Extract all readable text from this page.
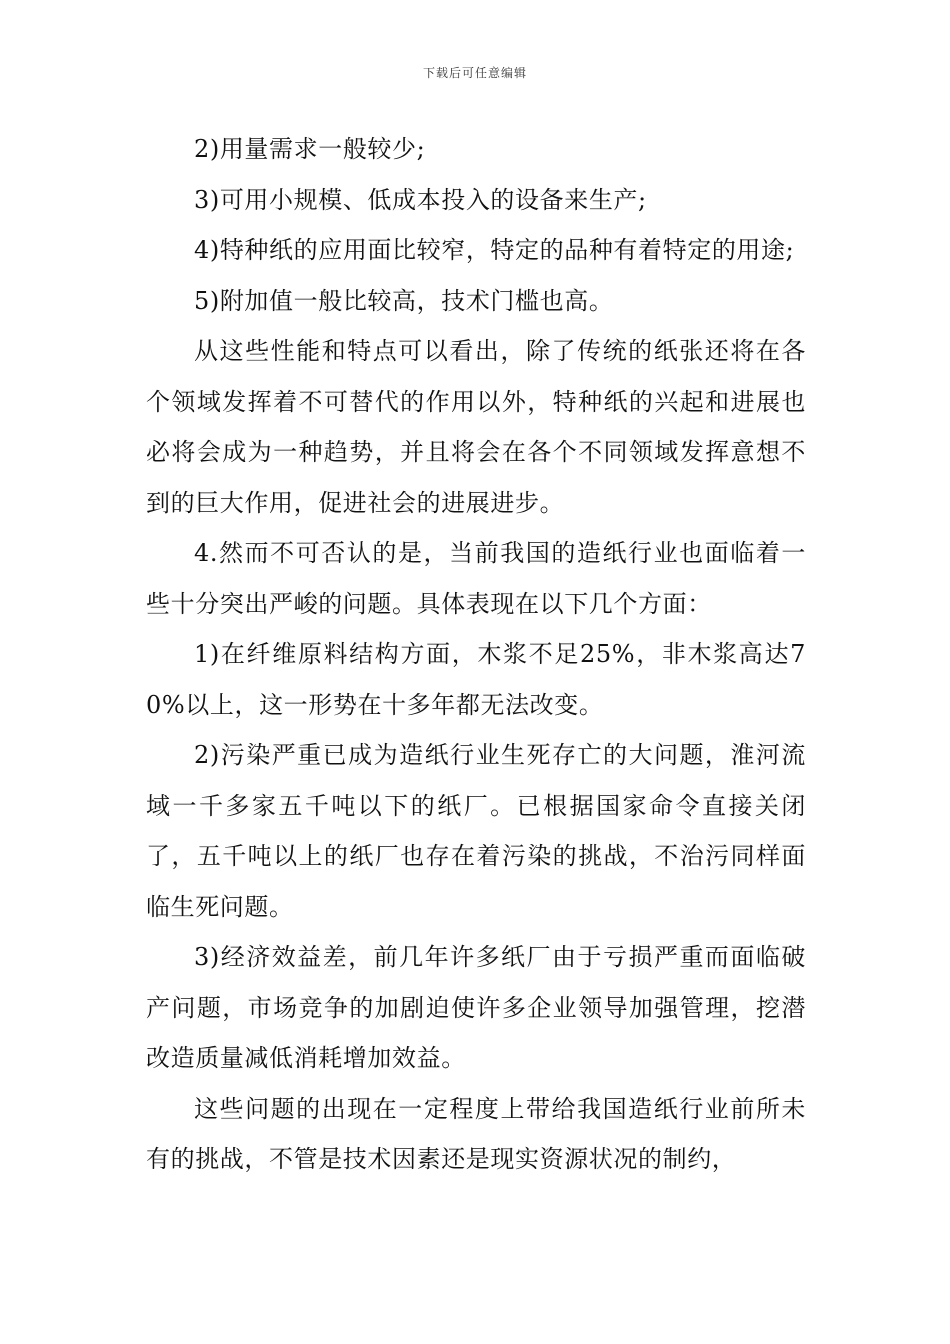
下载后可任意编辑

2)用量需求一般较少;

3)可用小规模、低成本投入的设备来生产;

4)特种纸的应用面比较窄，特定的品种有着特定的用途;

5)附加值一般比较高，技术门槛也高。

从这些性能和特点可以看出，除了传统的纸张还将在各个领域发挥着不可替代的作用以外，特种纸的兴起和进展也必将会成为一种趋势，并且将会在各个不同领域发挥意想不到的巨大作用，促进社会的进展进步。

4.然而不可否认的是，当前我国的造纸行业也面临着一些十分突出严峻的问题。具体表现在以下几个方面：

1)在纤维原料结构方面，木浆不足25%，非木浆高达70%以上，这一形势在十多年都无法改变。

2)污染严重已成为造纸行业生死存亡的大问题，淮河流域一千多家五千吨以下的纸厂。已根据国家命令直接关闭了，五千吨以上的纸厂也存在着污染的挑战，不治污同样面临生死问题。

3)经济效益差，前几年许多纸厂由于亏损严重而面临破产问题，市场竞争的加剧迫使许多企业领导加强管理，挖潜改造质量减低消耗增加效益。

这些问题的出现在一定程度上带给我国造纸行业前所未有的挑战，不管是技术因素还是现实资源状况的制约，
